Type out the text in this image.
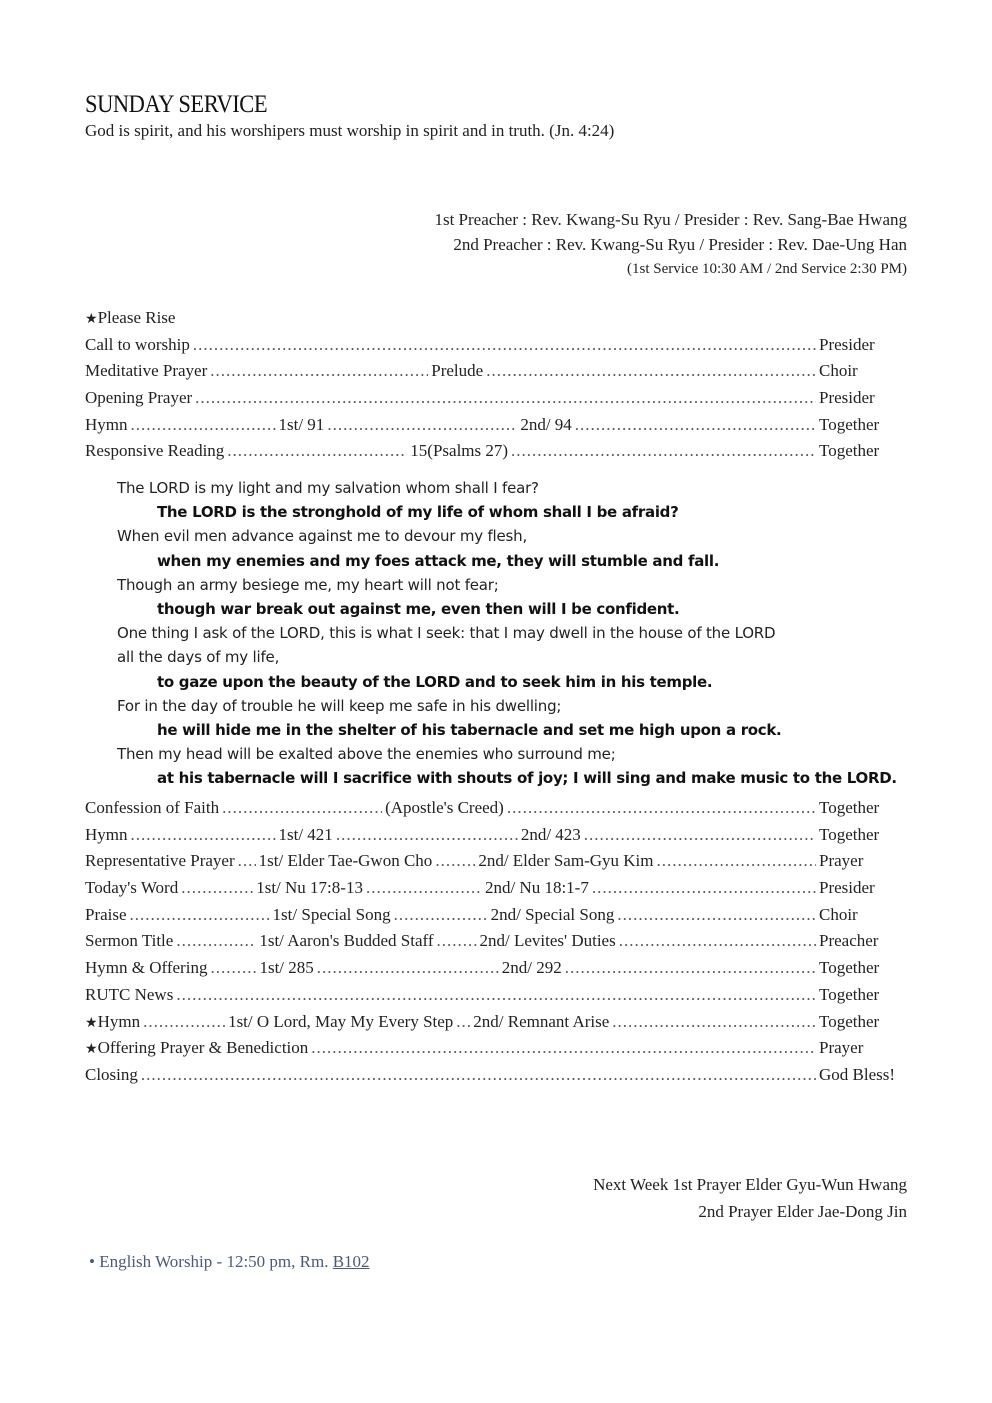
SUNDAY SERVICE
God is spirit, and his worshipers must worship in spirit and in truth. (Jn. 4:24)
1st Preacher : Rev. Kwang-Su Ryu / Presider : Rev. Sang-Bae Hwang
2nd Preacher : Rev. Kwang-Su Ryu / Presider : Rev. Dae-Ung Han
(1st Service 10:30 AM / 2nd Service 2:30 PM)
★ Please Rise
Call to worship .....	Presider
Meditative Prayer .....	Prelude .....	Choir
Opening Prayer .....	Presider
Hymn .....	1st/ 91 .....	2nd/ 94 .....	Together
Responsive Reading .....	15(Psalms 27) .....	Together
The LORD is my light and my salvation whom shall I fear?
The LORD is the stronghold of my life of whom shall I be afraid?
When evil men advance against me to devour my flesh,
when my enemies and my foes attack me, they will stumble and fall.
Though an army besiege me, my heart will not fear;
though war break out against me, even then will I be confident.
One thing I ask of the LORD, this is what I seek: that I may dwell in the house of the LORD
all the days of my life,
to gaze upon the beauty of the LORD and to seek him in his temple.
For in the day of trouble he will keep me safe in his dwelling;
he will hide me in the shelter of his tabernacle and set me high upon a rock.
Then my head will be exalted above the enemies who surround me;
at his tabernacle will I sacrifice with shouts of joy; I will sing and make music to the LORD.
Confession of Faith .....	(Apostle's Creed) .....	Together
Hymn .....	1st/ 421 .....	2nd/ 423 .....	Together
Representative Prayer ..... 1st/ Elder Tae-Gwon Cho .....	2nd/ Elder Sam-Gyu Kim .....	Prayer
Today's Word .....	1st/ Nu 17:8-13 .....	2nd/ Nu 18:1-7 .....	Presider
Praise .....	1st/ Special Song .....	2nd/ Special Song .....	Choir
Sermon Title .....	1st/ Aaron's Budded Staff .....	2nd/ Levites' Duties .....	Preacher
Hymn & Offering .....	1st/ 285 .....	2nd/ 292 .....	Together
RUTC News .....	Together
★ Hymn .....	1st/ O Lord, May My Every Step ..... 2nd/ Remnant Arise .....	Together
★ Offering Prayer & Benediction .....	Prayer
Closing .....	God Bless!
Next Week 1st Prayer Elder Gyu-Wun Hwang
2nd Prayer Elder Jae-Dong Jin
• English Worship - 12:50 pm, Rm. B102
